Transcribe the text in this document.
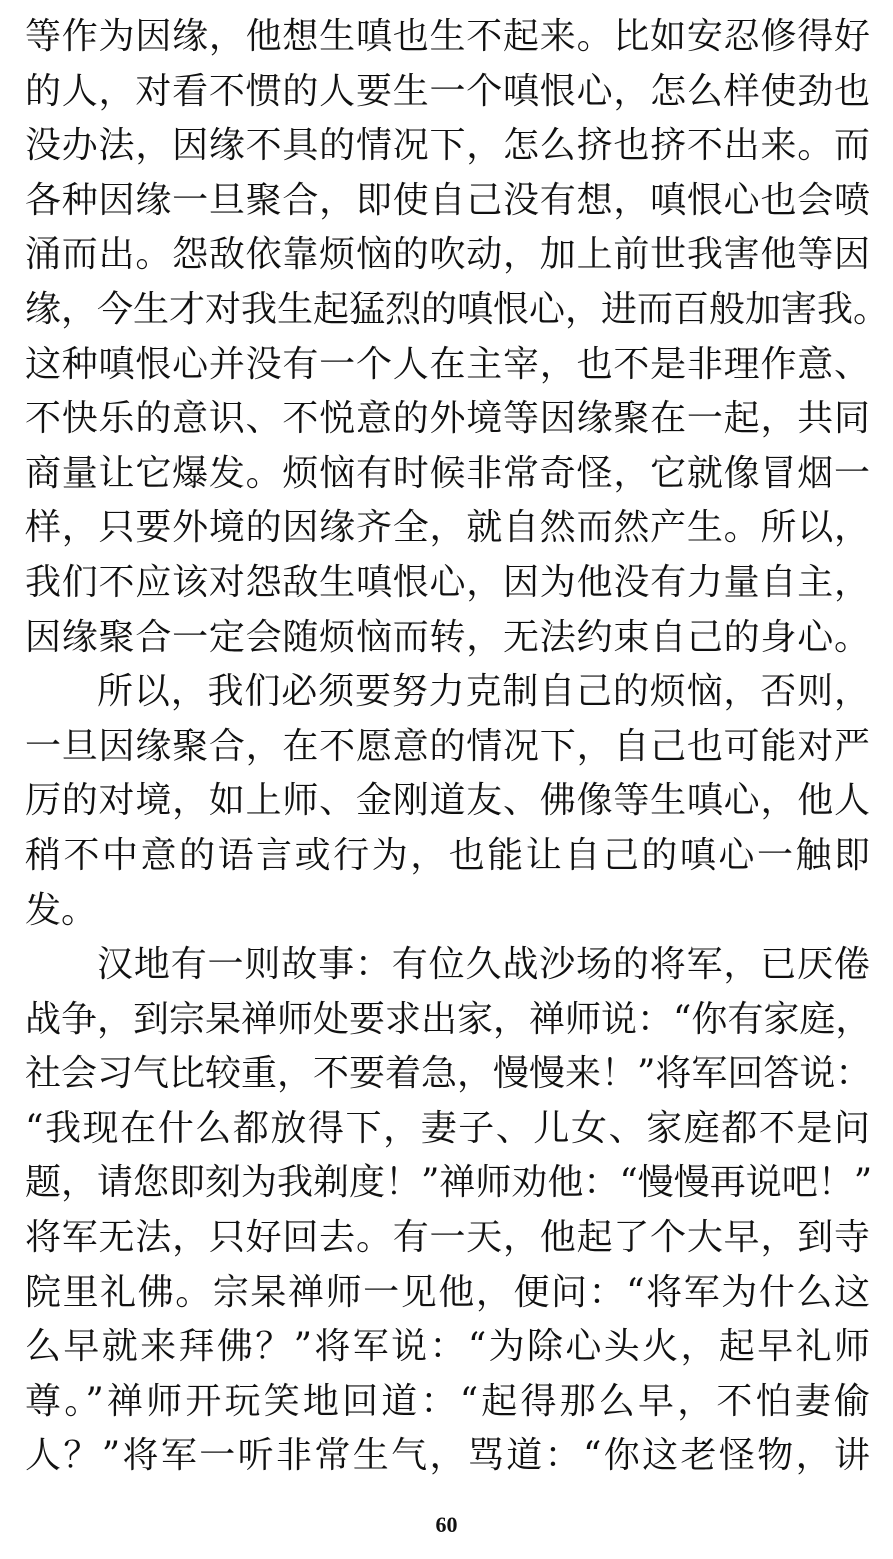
等作为因缘，他想生嗔也生不起来。比如安忍修得好
的人，对看不惯的人要生一个嗔恨心，怎么样使劲也
没办法，因缘不具的情况下，怎么挤也挤不出来。而
各种因缘一旦聚合，即使自己没有想，嗔恨心也会喷
涌而出。怨敌依靠烦恼的吹动，加上前世我害他等因
缘，今生才对我生起猛烈的嗔恨心，进而百般加害我。
这种嗔恨心并没有一个人在主宰，也不是非理作意、
不快乐的意识、不悦意的外境等因缘聚在一起，共同
商量让它爆发。烦恼有时候非常奇怪，它就像冒烟一
样，只要外境的因缘齐全，就自然而然产生。所以，
我们不应该对怨敌生嗔恨心，因为他没有力量自主，
因缘聚合一定会随烦恼而转，无法约束自己的身心。
所以，我们必须要努力克制自己的烦恼，否则，
一旦因缘聚合，在不愿意的情况下，自己也可能对严
厉的对境，如上师、金刚道友、佛像等生嗔心，他人
稍不中意的语言或行为，也能让自己的嗔心一触即
发。
汉地有一则故事：有位久战沙场的将军，已厌倦
战争，到宗杲禅师处要求出家，禅师说：“你有家庭，
社会习气比较重，不要着急，慢慢来！”将军回答说：
“我现在什么都放得下，妻子、儿女、家庭都不是问
题，请您即刻为我剃度！”禅师劝他：“慢慢再说吧！”
将军无法，只好回去。有一天，他起了个大早，到寺
院里礼佛。宗杲禅师一见他，便问：“将军为什么这
么早就来拜佛？”将军说：“为除心头火，起早礼师
尊。”禅师开玩笑地回道：“起得那么早，不怕妻偷
人？”将军一听非常生气，骂道：“你这老怪物，讲
60
